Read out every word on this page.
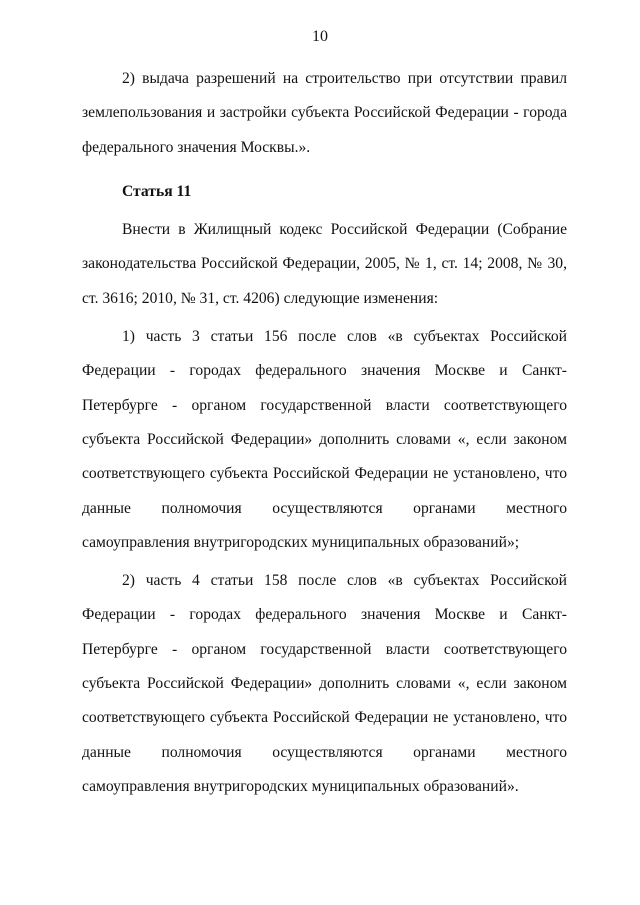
10

2) выдача разрешений на строительство при отсутствии правил землепользования и застройки субъекта Российской Федерации - города федерального значения Москвы.».

Статья 11

Внести в Жилищный кодекс Российской Федерации (Собрание законодательства Российской Федерации, 2005, № 1, ст. 14; 2008, № 30, ст. 3616; 2010, № 31, ст. 4206) следующие изменения:

1) часть 3 статьи 156 после слов «в субъектах Российской Федерации - городах федерального значения Москве и Санкт-Петербурге - органом государственной власти соответствующего субъекта Российской Федерации» дополнить словами «, если законом соответствующего субъекта Российской Федерации не установлено, что данные полномочия осуществляются органами местного самоуправления внутригородских муниципальных образований»;

2) часть 4 статьи 158 после слов «в субъектах Российской Федерации - городах федерального значения Москве и Санкт-Петербурге - органом государственной власти соответствующего субъекта Российской Федерации» дополнить словами «, если законом соответствующего субъекта Российской Федерации не установлено, что данные полномочия осуществляются органами местного самоуправления внутригородских муниципальных образований».
